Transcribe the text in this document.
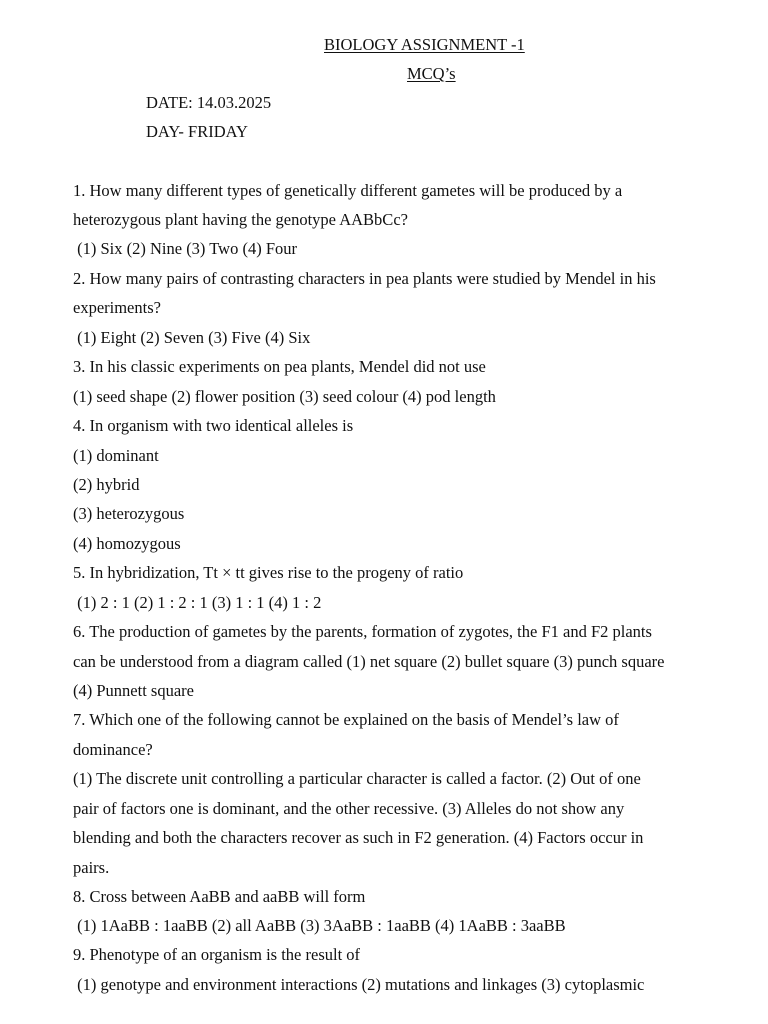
BIOLOGY ASSIGNMENT -1
MCQ’s
DATE: 14.03.2025
DAY- FRIDAY
1. How many different types of genetically different gametes will be produced by a
heterozygous plant having the genotype AABbCc?
(1) Six (2) Nine (3) Two (4) Four
2. How many pairs of contrasting characters in pea plants were studied by Mendel in his
experiments?
(1) Eight (2) Seven (3) Five (4) Six
3. In his classic experiments on pea plants, Mendel did not use
(1) seed shape (2) flower position (3) seed colour (4) pod length
4. In organism with two identical alleles is
(1) dominant
(2) hybrid
(3) heterozygous
(4) homozygous
5. In hybridization, Tt × tt gives rise to the progeny of ratio
(1) 2 : 1 (2) 1 : 2 : 1 (3) 1 : 1 (4) 1 : 2
6. The production of gametes by the parents, formation of zygotes, the F1 and F2 plants
can be understood from a diagram called (1) net square (2) bullet square (3) punch square
(4) Punnett square
7. Which one of the following cannot be explained on the basis of Mendel’s law of
dominance?
(1) The discrete unit controlling a particular character is called a factor. (2) Out of one
pair of factors one is dominant, and the other recessive. (3) Alleles do not show any
blending and both the characters recover as such in F2 generation. (4) Factors occur in
pairs.
8. Cross between AaBB and aaBB will form
(1) 1AaBB : 1aaBB (2) all AaBB (3) 3AaBB : 1aaBB (4) 1AaBB : 3aaBB
9. Phenotype of an organism is the result of
(1) genotype and environment interactions (2) mutations and linkages (3) cytoplasmic
